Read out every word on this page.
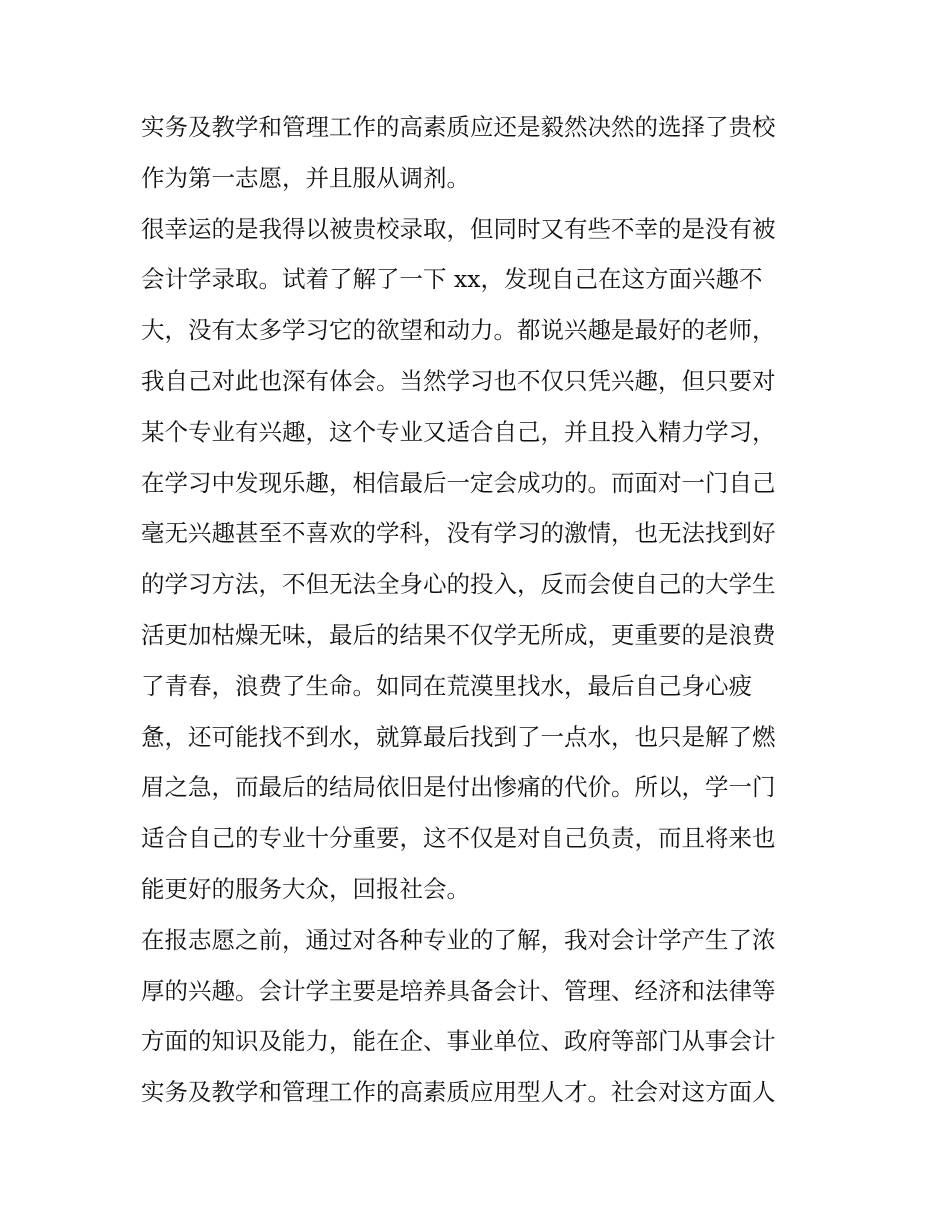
实务及教学和管理工作的高素质应还是毅然决然的选择了贵校
作为第一志愿，并且服从调剂。
很幸运的是我得以被贵校录取，但同时又有些不幸的是没有被
会计学录取。试着了解了一下 xx，发现自己在这方面兴趣不
大，没有太多学习它的欲望和动力。都说兴趣是最好的老师，
我自己对此也深有体会。当然学习也不仅只凭兴趣，但只要对
某个专业有兴趣，这个专业又适合自己，并且投入精力学习，
在学习中发现乐趣，相信最后一定会成功的。而面对一门自己
毫无兴趣甚至不喜欢的学科，没有学习的激情，也无法找到好
的学习方法，不但无法全身心的投入，反而会使自己的大学生
活更加枯燥无味，最后的结果不仅学无所成，更重要的是浪费
了青春，浪费了生命。如同在荒漠里找水，最后自己身心疲
惫，还可能找不到水，就算最后找到了一点水，也只是解了燃
眉之急，而最后的结局依旧是付出惨痛的代价。所以，学一门
适合自己的专业十分重要，这不仅是对自己负责，而且将来也
能更好的服务大众，回报社会。
在报志愿之前，通过对各种专业的了解，我对会计学产生了浓
厚的兴趣。会计学主要是培养具备会计、管理、经济和法律等
方面的知识及能力，能在企、事业单位、政府等部门从事会计
实务及教学和管理工作的高素质应用型人才。社会对这方面人
